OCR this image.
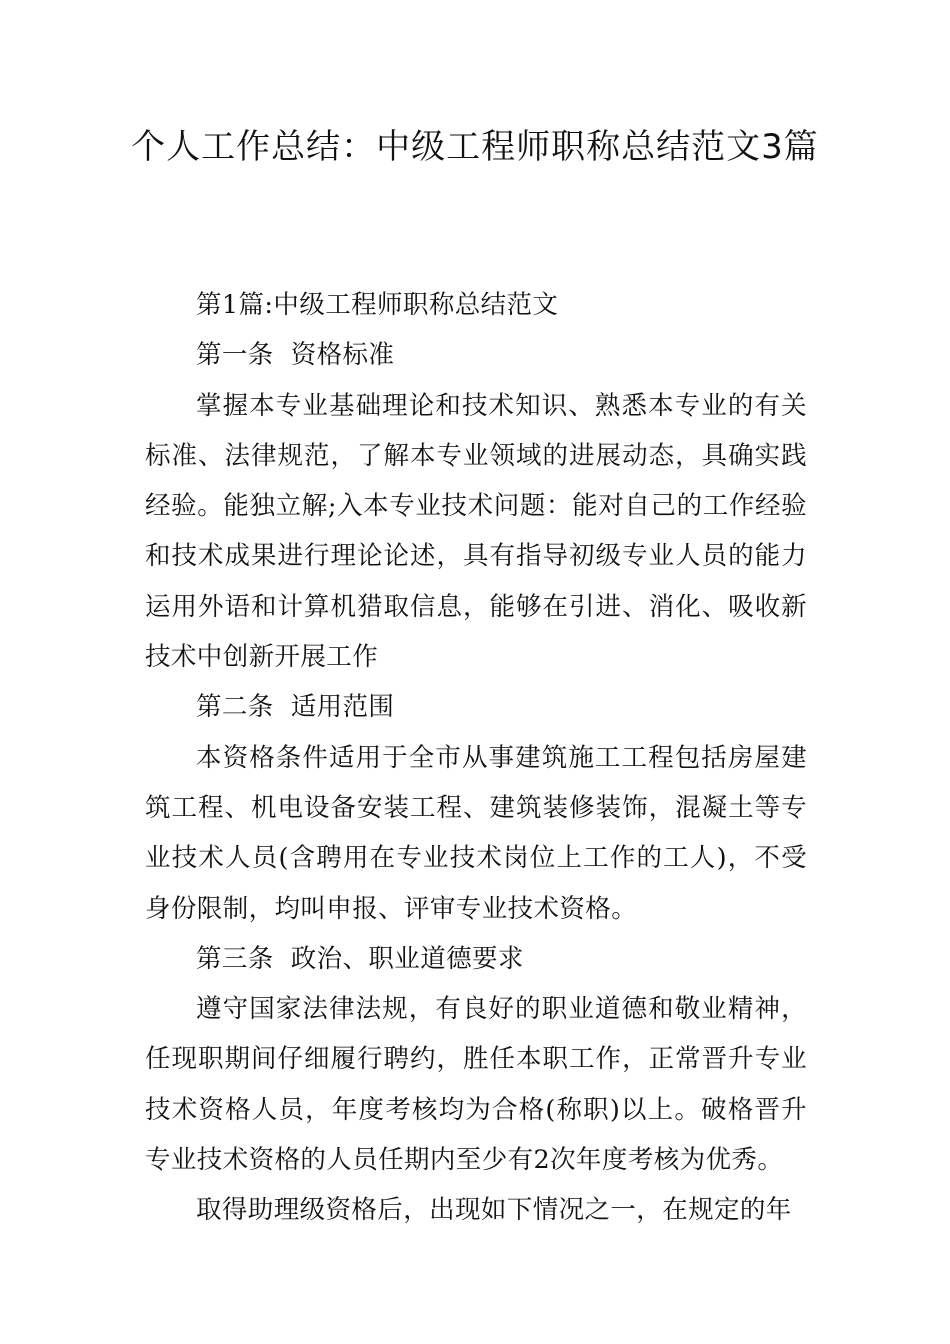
个人工作总结：中级工程师职称总结范文3篇

第1篇:中级工程师职称总结范文

第一条  资格标准

掌握本专业基础理论和技术知识、熟悉本专业的有关标准、法律规范，了解本专业领域的进展动态，具确实践经验。能独立解;入本专业技术问题：能对自己的工作经验和技术成果进行理论论述，具有指导初级专业人员的能力运用外语和计算机猎取信息，能够在引进、消化、吸收新技术中创新开展工作

第二条  适用范围

本资格条件适用于全市从事建筑施工工程包括房屋建筑工程、机电设备安装工程、建筑装修装饰，混凝土等专业技术人员(含聘用在专业技术岗位上工作的工人)，不受身份限制，均叫申报、评审专业技术资格。

第三条  政治、职业道德要求

遵守国家法律法规，有良好的职业道德和敬业精神，任现职期间仔细履行聘约，胜任本职工作，正常晋升专业技术资格人员，年度考核均为合格(称职)以上。破格晋升专业技术资格的人员任期内至少有2次年度考核为优秀。

取得助理级资格后，出现如下情况之一，在规定的年
